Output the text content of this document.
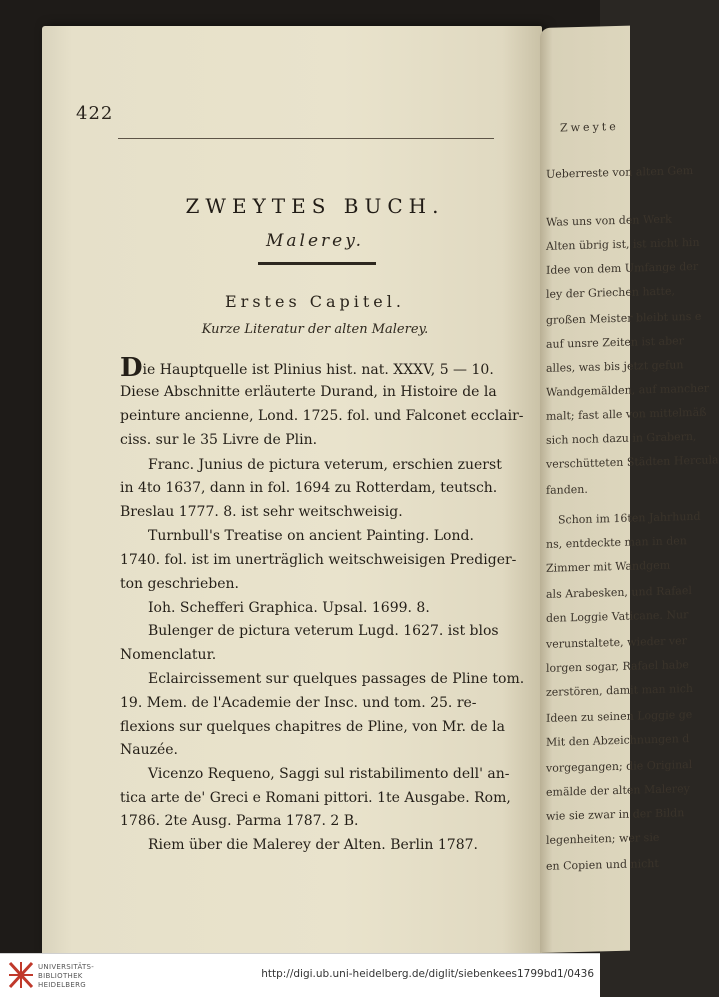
Zweyte
Ueberreste von alten Gem
Was uns von den Werk
Alten übrig ist, ist nicht hin
Idee von dem Umfange der
ley der Griechen hatte,
großen Meister bleibt uns e
auf unsre Zeiten ist aber
alles, was bis jetzt gefun
Wandgemälden, auf mancher
malt; fast alle von mittelmäß
sich noch dazu in Grabern,
verschütteten Städten Hercula
fanden.
Schon im 16ten Jahrhund
ns, entdeckte man in den
Zimmer mit Wandgem
als Arabesken, und Rafael
den Loggie Vaticane. Nur
verunstaltete, wieder ver
lorgen sogar, Rafael habe
zerstören, damit man nich
Ideen zu seinen Loggie ge
Mit den Abzeichnungen d
vorgegangen; die Original
emälde der alten Malerey
wie sie zwar in der Bildn
legenheiten; wer sie
en Copien und nicht
422
ZWEYTES BUCH.
Malerey.
Erstes Capitel.
Kurze Literatur der alten Malerey.
Die Hauptquelle ist Plinius hist. nat. XXXV, 5 — 10.
Diese Abschnitte erläuterte Durand, in Histoire de la
peinture ancienne, Lond. 1725. fol. und Falconet ecclair-
ciss. sur le 35 Livre de Plin.
Franc. Junius de pictura veterum, erschien zuerst
in 4to 1637, dann in fol. 1694 zu Rotterdam, teutsch.
Breslau 1777. 8. ist sehr weitschweisig.
Turnbull's Treatise on ancient Painting. Lond.
1740. fol. ist im unerträglich weitschweisigen Prediger-
ton geschrieben.
Ioh. Schefferi Graphica. Upsal. 1699. 8.
Bulenger de pictura veterum Lugd. 1627. ist blos
Nomenclatur.
Eclaircissement sur quelques passages de Pline tom.
19. Mem. de l'Academie der Insc. und tom. 25. re-
flexions sur quelques chapitres de Pline, von Mr. de la
Nauzée.
Vicenzo Requeno, Saggi sul ristabilimento dell' an-
tica arte de' Greci e Romani pittori. 1te Ausgabe. Rom,
1786. 2te Ausg. Parma 1787. 2 B.
Riem über die Malerey der Alten. Berlin 1787.
UNIVERSITÄTS-
BIBLIOTHEK
HEIDELBERG
http://digi.ub.uni-heidelberg.de/diglit/siebenkees1799bd1/0436
